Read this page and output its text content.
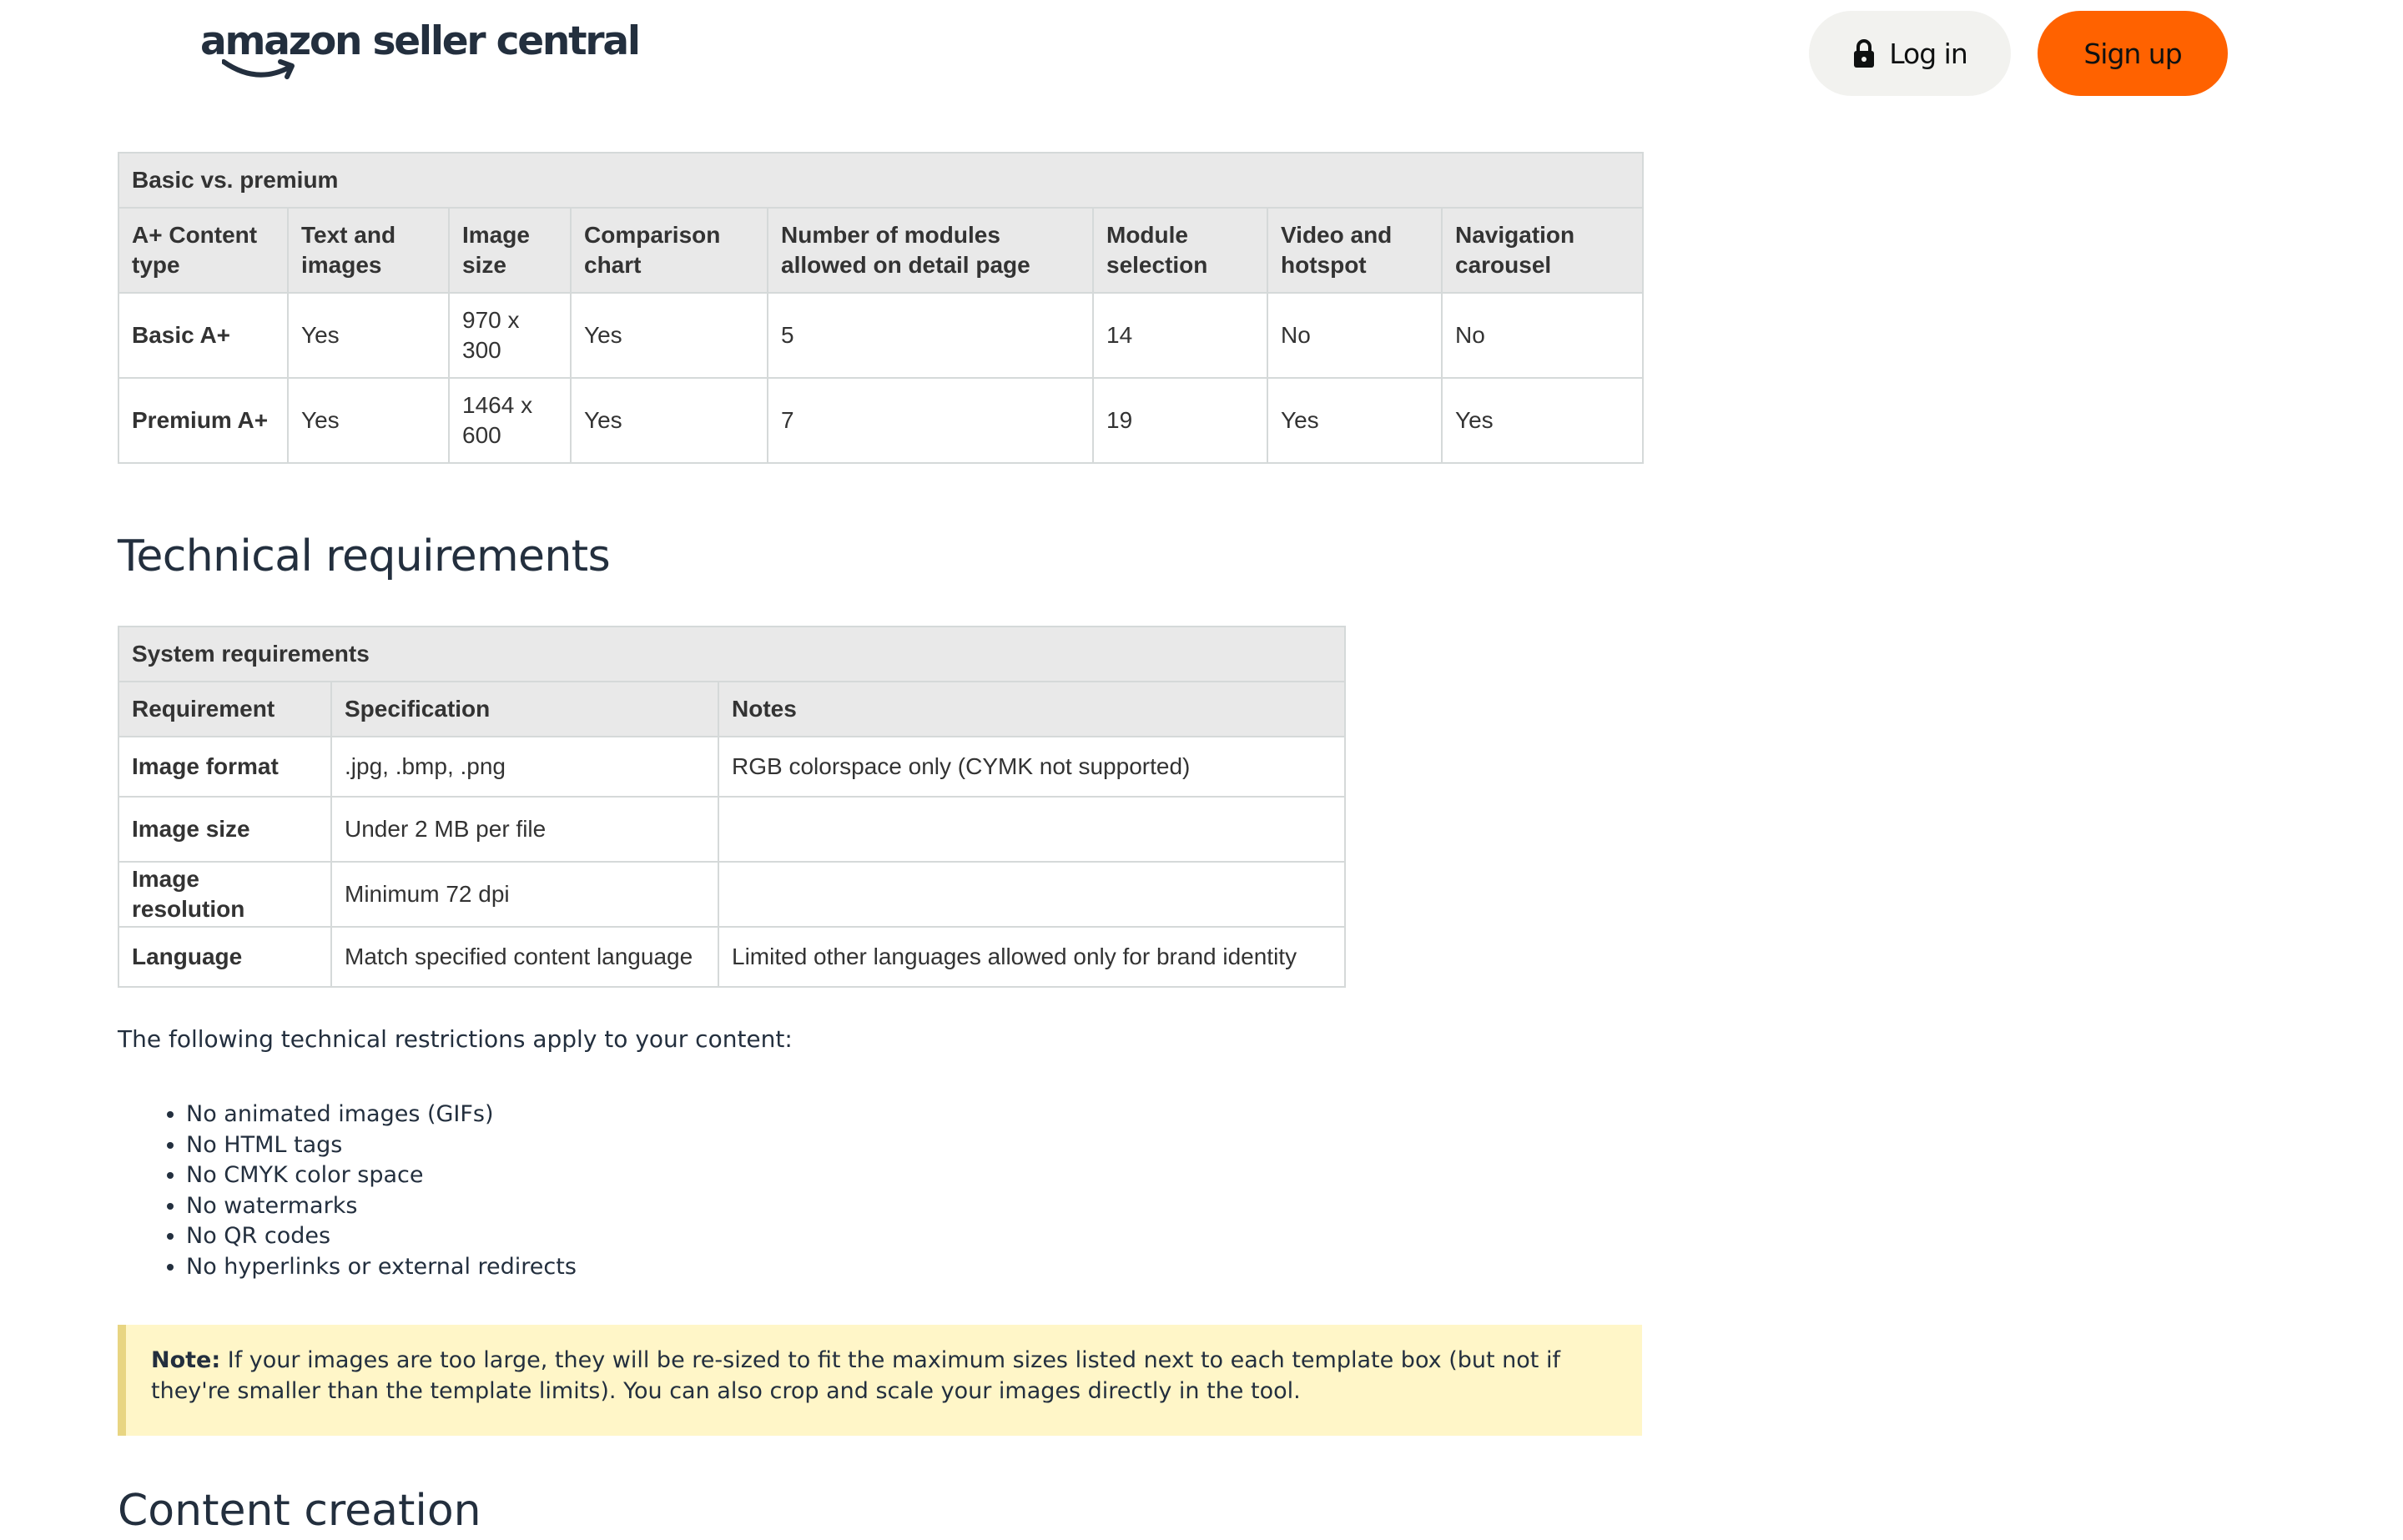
amazon seller central	Log in	Sign up
Basic vs. premium							
A+ Content type	Text and images	Image size	Comparison chart	Number of modules allowed on detail page	Module selection	Video and hotspot	Navigation carousel
Basic A+	Yes	970 x 300	Yes	5	14	No	No
Premium A+	Yes	1464 x 600	Yes	7	19	Yes	Yes
Technical requirements
System requirements		
Requirement	Specification	Notes
Image format	.jpg, .bmp, .png	RGB colorspace only (CYMK not supported)
Image size	Under 2 MB per file	
Image resolution	Minimum 72 dpi	
Language	Match specified content language	Limited other languages allowed only for brand identity

The following technical restrictions apply to your content:

• No animated images (GIFs)
• No HTML tags
• No CMYK color space
• No watermarks
• No QR codes
• No hyperlinks or external redirects
Note: If your images are too large, they will be re-sized to fit the maximum sizes listed next to each template box (but not if they're smaller than the template limits). You can also crop and scale your images directly in the tool.
Content creation
